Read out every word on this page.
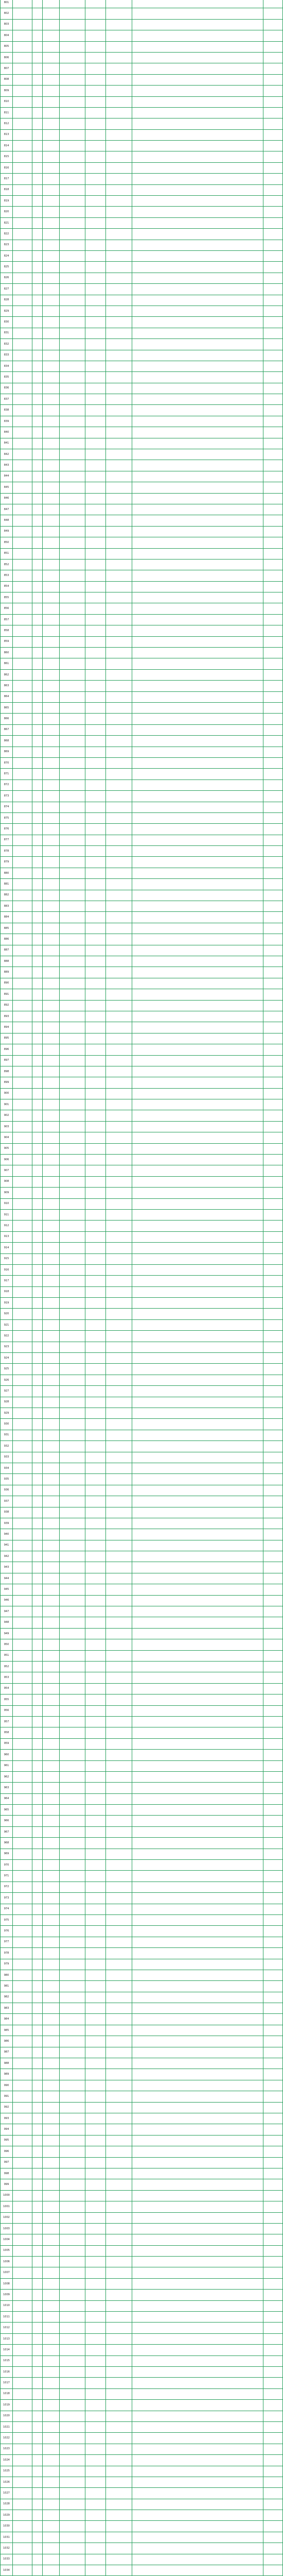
801								
802								
803								
804								
805								
806								
807								
808								
809								
810								
811								
812								
813								
814								
815								
816								
817								
818								
819								
820								
821								
822								
823								
824								
825								
826								
827								
828								
829								
830								
831								
832								
833								
834								
835								
836								
837								
838								
839								
840								
841								
842								
843								
844								
845								
846								
847								
848								
849								
850								
851								
852								
853								
854								
855								
856								
857								
858								
859								
860								
861								
862								
863								
864								
865								
866								
867								
868								
869								
870								
871								
872								
873								
874								
875								
876								
877								
878								
879								
880								
881								
882								
883								
884								
885								
886								
887								
888								
889								
890								
891								
892								
893								
894								
895								
896								
897								
898								
899								
900								
901								
902								
903								
904								
905								
906								
907								
908								
909								
910								
911								
912								
913								
914								
915								
916								
917								
918								
919								
920								
921								
922								
923								
924								
925								
926								
927								
928								
929								
930								
931								
932								
933								
934								
935								
936								
937								
938								
939								
940								
941								
942								
943								
944								
945								
946								
947								
948								
949								
950								
951								
952								
953								
954								
955								
956								
957								
958								
959								
960								
961								
962								
963								
964								
965								
966								
967								
968								
969								
970								
971								
972								
973								
974								
975								
976								
977								
978								
979								
980								
981								
982								
983								
984								
985								
986								
987								
988								
989								
990								
991								
992								
993								
994								
995								
996								
997								
998								
999								
1000								
1001								
1002								
1003								
1004								
1005								
1006								
1007								
1008								
1009								
1010								
1011								
1012								
1013								
1014								
1015								
1016								
1017								
1018								
1019								
1020								
1021								
1022								
1023								
1024								
1025								
1026								
1027								
1028								
1029								
1030								
1031								
1032								
1033								
1034								
